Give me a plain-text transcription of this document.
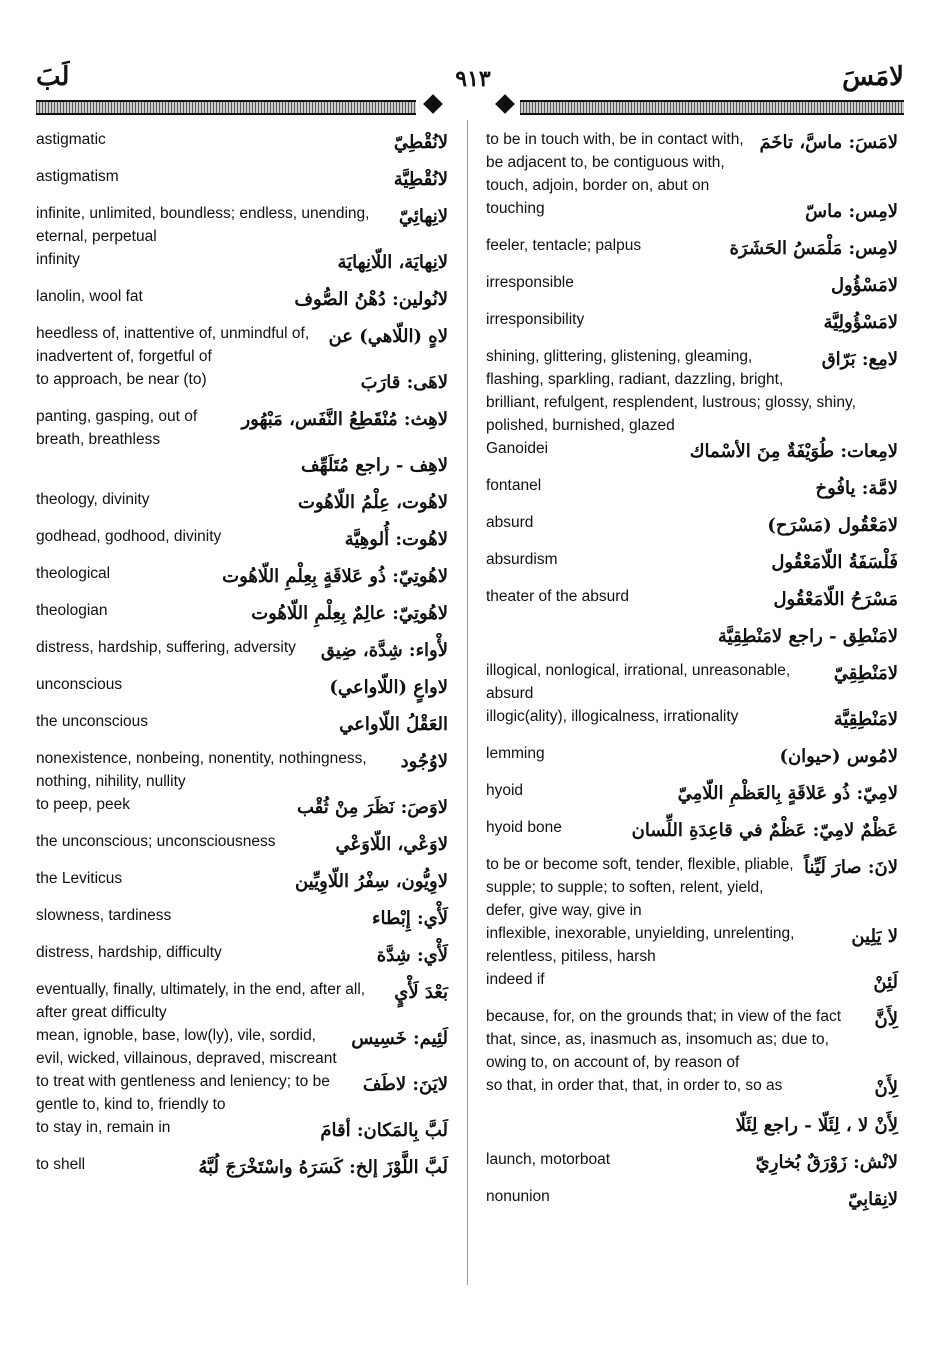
لَبَ	٩١٣	لامَسَ
لانُقْطِيّ
astigmatic
لانُقْطِيَّة
astigmatism
لانِهائِيّ
infinite, unlimited, boundless; endless, unending, eternal, perpetual
لانِهايَة، اللّانِهايَة
infinity
لانُولين: دُهْنُ الصُّوف
lanolin, wool fat
لاهٍ (اللّاهي) عن
heedless of, inattentive of, unmindful of, inadvertent of, forgetful of
لاهَى: قارَبَ
to approach, be near (to)
لاهِث: مُنْقَطِعُ النَّفَس، مَبْهُور
panting, gasping, out of breath, breathless
لاهِف - راجع مُتَلَهِّف
لاهُوت، عِلْمُ اللّاهُوت
theology, divinity
لاهُوت: أُلوهِيَّة
godhead, godhood, divinity
لاهُوتِيّ: ذُو عَلاقَةٍ بِعِلْمِ اللّاهُوت
theological
لاهُوتِيّ: عالِمٌ بِعِلْمِ اللّاهُوت
theologian
لأْواء: شِدَّة، ضِيق
distress, hardship, suffering, adversity
لاواعٍ (اللّاواعي)
unconscious
العَقْلُ اللّاواعي
the unconscious
لاوُجُود
nonexistence, nonbeing, nonentity, nothingness, nothing, nihility, nullity
لاوَصَ: نَظَرَ مِنْ ثُقْب
to peep, peek
لاوَعْي، اللّاوَعْي
the unconscious; unconsciousness
لاوِيُّون، سِفْرُ اللّاوِيِّين
the Leviticus
لَأْي: إِبْطاء
slowness, tardiness
لَأْي: شِدَّة
distress, hardship, difficulty
بَعْدَ لَأْيٍ
eventually, finally, ultimately, in the end, after all, after great difficulty
لَئِيم: خَسِيس
mean, ignoble, base, low(ly), vile, sordid, evil, wicked, villainous, depraved, miscreant
لايَنَ: لاطَفَ
to treat with gentleness and leniency; to be gentle to, kind to, friendly to
لَبَّ بِالمَكان: أقامَ
to stay in, remain in
لَبَّ اللَّوْزَ إلخ: كَسَرَهُ واسْتَخْرَجَ لُبَّهُ
to shell
لامَسَ: ماسَّ، تاخَمَ
to be in touch with, be in contact with, be adjacent to, be contiguous with, touch, adjoin, border on, abut on
لامِس: ماسّ
touching
لامِس: مَلْمَسُ الحَشَرَة
feeler, tentacle; palpus
لامَسْؤُول
irresponsible
لامَسْؤُولِيَّة
irresponsibility
لامِع: بَرّاق
shining, glittering, glistening, gleaming, flashing, sparkling, radiant, dazzling, bright, brilliant, refulgent, resplendent, lustrous; glossy, shiny, polished, burnished, glazed
لامِعات: طُوَيْفَةٌ مِنَ الأسْماك
Ganoidei
لامَّة: يافُوخ
fontanel
لامَعْقُول (مَسْرَح)
absurd
فَلْسَفَةُ اللّامَعْقُول
absurdism
مَسْرَحُ اللّامَعْقُول
theater of the absurd
لامَنْطِق - راجع لامَنْطِقِيَّة
لامَنْطِقِيّ
illogical, nonlogical, irrational, unreasonable, absurd
لامَنْطِقِيَّة
illogic(ality), illogicalness, irrationality
لامُوس (حيوان)
lemming
لامِيّ: ذُو عَلاقَةٍ بِالعَظْمِ اللّامِيّ
hyoid
عَظْمٌ لامِيّ: عَظْمٌ في قاعِدَةِ اللِّسان
hyoid bone
لانَ: صارَ لَيِّناً
to be or become soft, tender, flexible, pliable, supple; to supple; to soften, relent, yield, defer, give way, give in
لا يَلِين
inflexible, inexorable, unyielding, unrelenting, relentless, pitiless, harsh
لَئِنْ
indeed if
لِأَنَّ
because, for, on the grounds that; in view of the fact that, since, as, inasmuch as, insomuch as; due to, owing to, on account of, by reason of
لِأَنْ
so that, in order that, that, in order to, so as
لِأَنْ لا ، لِئَلّا - راجع لِئَلّا
لانْش: زَوْرَقٌ بُخارِيّ
launch, motorboat
لانِقابِيّ
nonunion
